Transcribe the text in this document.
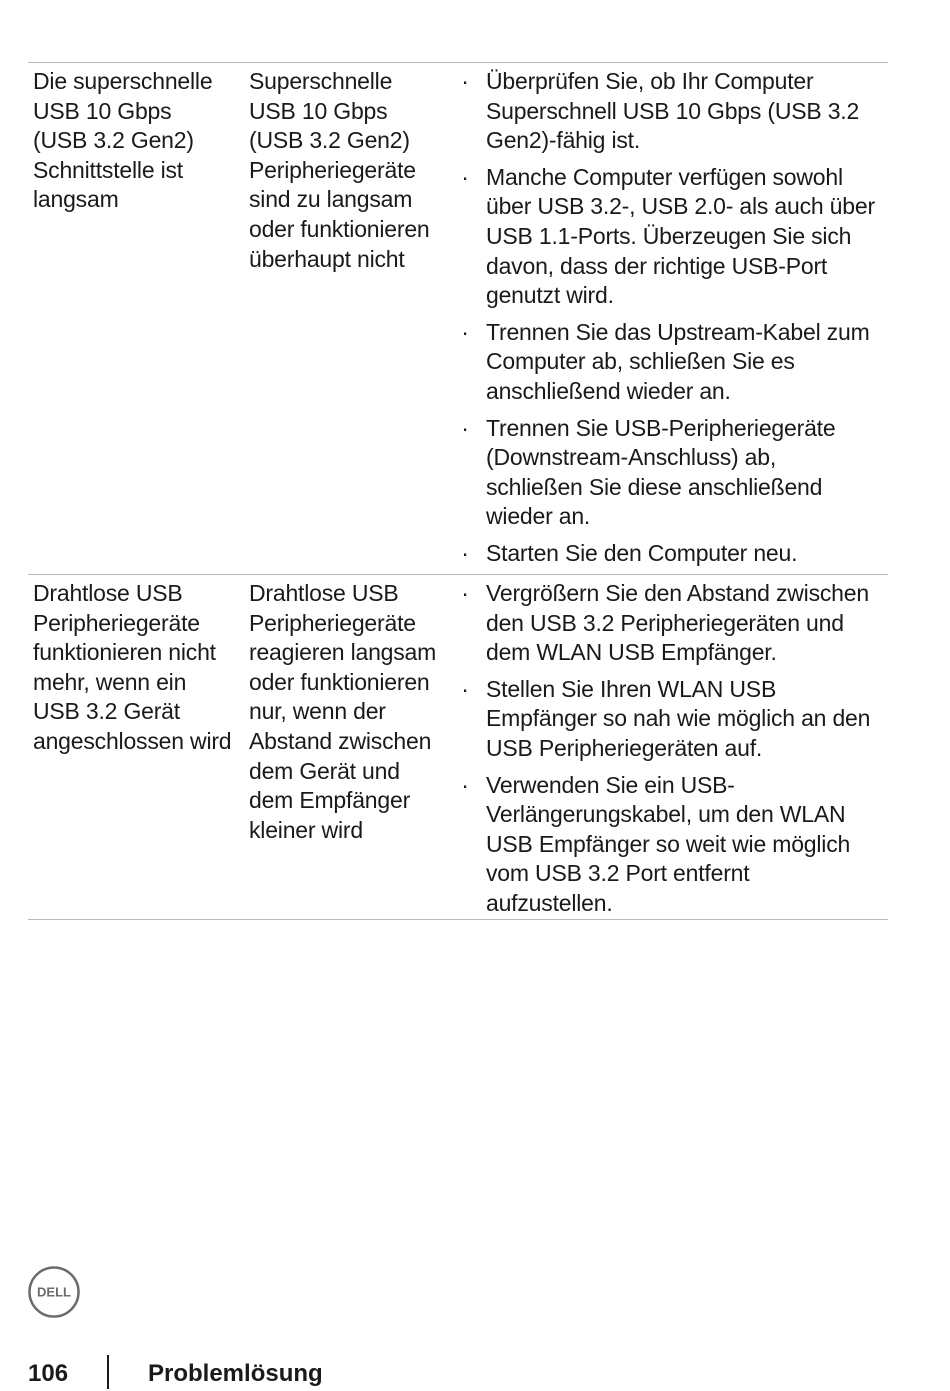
Die superschnelle
USB 10 Gbps
(USB 3.2 Gen2)
Schnittstelle ist
langsam
Superschnelle
USB 10 Gbps
(USB 3.2 Gen2)
Peripheriegeräte
sind zu langsam
oder funktionieren
überhaupt nicht
· Überprüfen Sie, ob Ihr Computer
Superschnell USB 10 Gbps (USB 3.2
Gen2)-fähig ist.
· Manche Computer verfügen sowohl
über USB 3.2-, USB 2.0- als auch über
USB 1.1-Ports. Überzeugen Sie sich
davon, dass der richtige USB-Port
genutzt wird.
· Trennen Sie das Upstream-Kabel zum
Computer ab, schließen Sie es
anschließend wieder an.
· Trennen Sie USB-Peripheriegeräte
(Downstream-Anschluss) ab,
schließen Sie diese anschließend
wieder an.
· Starten Sie den Computer neu.
Drahtlose USB
Peripheriegeräte
funktionieren nicht
mehr, wenn ein
USB 3.2 Gerät
angeschlossen wird
Drahtlose USB
Peripheriegeräte
reagieren langsam
oder funktionieren
nur, wenn der
Abstand zwischen
dem Gerät und
dem Empfänger
kleiner wird
· Vergrößern Sie den Abstand zwischen
den USB 3.2 Peripheriegeräten und
dem WLAN USB Empfänger.
· Stellen Sie Ihren WLAN USB
Empfänger so nah wie möglich an den
USB Peripheriegeräten auf.
· Verwenden Sie ein USB-
Verlängerungskabel, um den WLAN
USB Empfänger so weit wie möglich
vom USB 3.2 Port entfernt
aufzustellen.
DELL
106	Problemlösung
